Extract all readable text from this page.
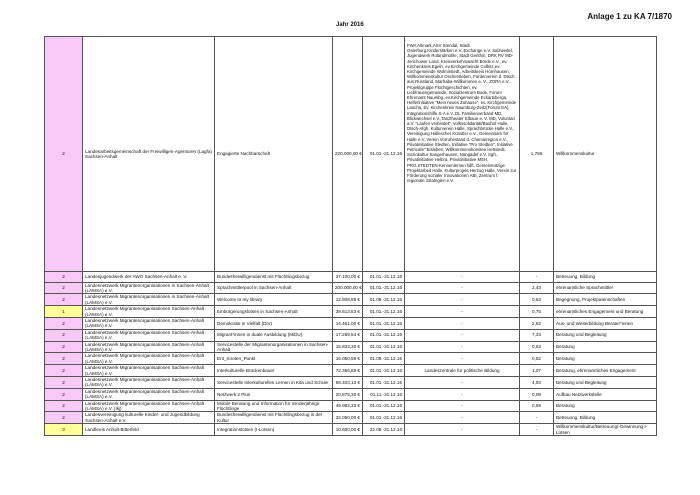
Anlage 1 zu KA 7/1870
Jahr 2016
2	Landesarbeitsgemeinschaft der Freiwilligen-Agenturen (Lagfa) Sachsen-Anhalt	Engagierte Nachbarschaft	220.000,00 €	01.01.-31.12.16	FWA Altmark,ASV Stendal, Stadt Osterburg,Kinderstärken e.V.,Exchange e.V. Salzwedel, Jugendwerk Rolandmühle, Stadt Genthin, DRK RV MD-Jerichower Land, Kreisverkehrswacht Börde e.V., ev. Kirchenkreis Egeln, ev.Kirchgemeinde Colbitz,ev. Kirchgemeinde Wolmirstedt, Arbeitskreis Hornhausen, Willkommenskultur Oschersleben, Förderverein d. Dtsch. aus Russland, Marhaba-Willkommen e. V., ZORA e.V., Projektgruppe Flüchtgeschichten, ev. Liebfrauengemeinde, Sozialzentrum Bode, Forum Ehrenamt Naumbg.,ev.Kirchgemeinde Eckartsberga, Helferinitiative "Mein neues Zuhause", ev. Kirchgemeinde Laucha, Ev. Kirchenkreis Naumburg-Zeitz(Forum EA), Integrationshilfe S-A e.V.,DL Familienverband MD, Blickwechsel e.V.,Tanztheater Elbaue e. V. MD, Voluntari a.V. "Laufen verbindet", Volkssolidarität/Bauhof Halle, Dtsch-Afgh. Kulturverein Halle, Sprachbrücke Halle e.V., Vereinigung Hallescher Künstler e.V., Gemeinsam für Halle e.V.,Verein Vorruhestand d. Chemieregion e.V., Privatinitiative Stedten, Initiative "Pro Stedten", Initiative Petricafe" Eisleben, Willkommenskomitee Hettstedt, Soziokultur Sangerhausen, Nangadef e.V. Sgh., Privatinitiative Helbra, Privatinitiative MSH, PRO.STEDTEN-Kennenlernen hilft, Gemeinnützige Projektarbeit Halle, Kulturprojekt Herzog Halle, Verein zur Förderung sozialer Innovationen ABI, Zentrum f. regionale Strategien e.V.	1,786	Willkommenskultur
2	Landesjugendwerk der AWO Sachsen-Anhalt e. V.	Bundesfreiwilligendienst mit Flüchtlingsbezug	37.100,00 €	01.01.-31.12.16	-	-	Betreuung, Bildung
2	Landesnetzwerk Migrantenorganisationen in Sachsen-Anhalt (LAMSA) e.V.	Sprachmittlerpool in Sachsen-Anhalt	200.000,00 €	01.01.-31.12.16	-	2,43	ehrenamtliche Sprachmittler
2	Landesnetzwerk Migrantenorganisationen in Sachsen-Anhalt (LAMSA) e.V.	Welcome to my library	12.808,88 €	01.09.-31.12.16	-	0,63	Begegnung, Projektpatenschaften
1	Landesnetzwerk Migrantenorganisationen Sachsen-Anhalt (LAMSA) e.V.	Einbürgerungslotsen in Sachsen-Anhalt	39.613,63 €	01.01.-31.12.16	-	0,75	ehrenamtliches Engagement und Beratung
2	Landesnetzwerk Migrantenorganisationen Sachsen-Anhalt (LAMSA) e.V.	Demokratie in Vielfalt (DiV)	14.461,00 €	01.01.-31.12.16	-	2,82	Aus- und Weiterbildung Berater*innen
2	Landesnetzwerk Migrantenorganisationen Sachsen-Anhalt (LAMSA) e.V.	Migrant*innen in duale Ausbildung (MiDU)	17.289,54 €	01.01.-31.12.16	-	7,33	Beratung und Begleitung
2	Landesnetzwerk Migrantenorganisationen Sachsen-Anhalt (LAMSA) e.V.	Servicestelle der Migrantenorganisationen in Sachsen-Anhalt	15.833,30 €	01.01.-31.12.16	-	0,63	Beratung
2	Landesnetzwerk Migrantenorganisationen Sachsen-Anhalt (LAMSA) e.V.	Ent_Knoten_Punkt	16.050,59 €	01.09.-31.12.16	-	0,82	Beratung
2	Landesnetzwerk Migrantenorganisationen Sachsen-Anhalt (LAMSA) e.V.	Interkulturelle Brückenbauer	72.356,65 €	01.01.-31.12.16	Landeszentrale für politische Bildung	1,07	Beratung, ehrenamtliches Engagement
2	Landesnetzwerk Migrantenorganisationen Sachsen-Anhalt (LAMSA) e.V.	Servicestelle Interkulturelles Lernen in Kita und Schule	98.403,13 €	01.01.-31.12.16	-	4,93	Beratung und Begleitung
2	Landesnetzwerk Migrantenorganisationen Sachsen-Anhalt (LAMSA) e.V.	Netzwerk 2 Plus	20.875,30 €	01.11.-31.12.16	-	0,08	Aufbau Netzwerkstelle
2	Landesnetzwerk Migrantenorganisationen Sachsen-Anhalt (LAMSA) e.V. (Ikj)	Mobile Beratung und Information für minderjährige Flüchtlinge	49.982,33 €	01.01.-31.12.16	-	0,69	Beratung
2	Landesvereinigung kulturelle Kinder- und Jugendbildung Sachsen-Anhalt e.V.	Bundesfreiwilligendienst mit Flüchtlingsbezug in der Kultur	32.050,00 €	01.01.-31.12.16	-	-	Betreuung, Bildung
3	Landkreis Anhalt-Bitterfeld	Integrationslotsen (I-Lotsen)	10.600,00 €	22.08.-31.12.16	-	-	Willkommenskultur/Betreuung/-Gewinnung I-Lotsen
